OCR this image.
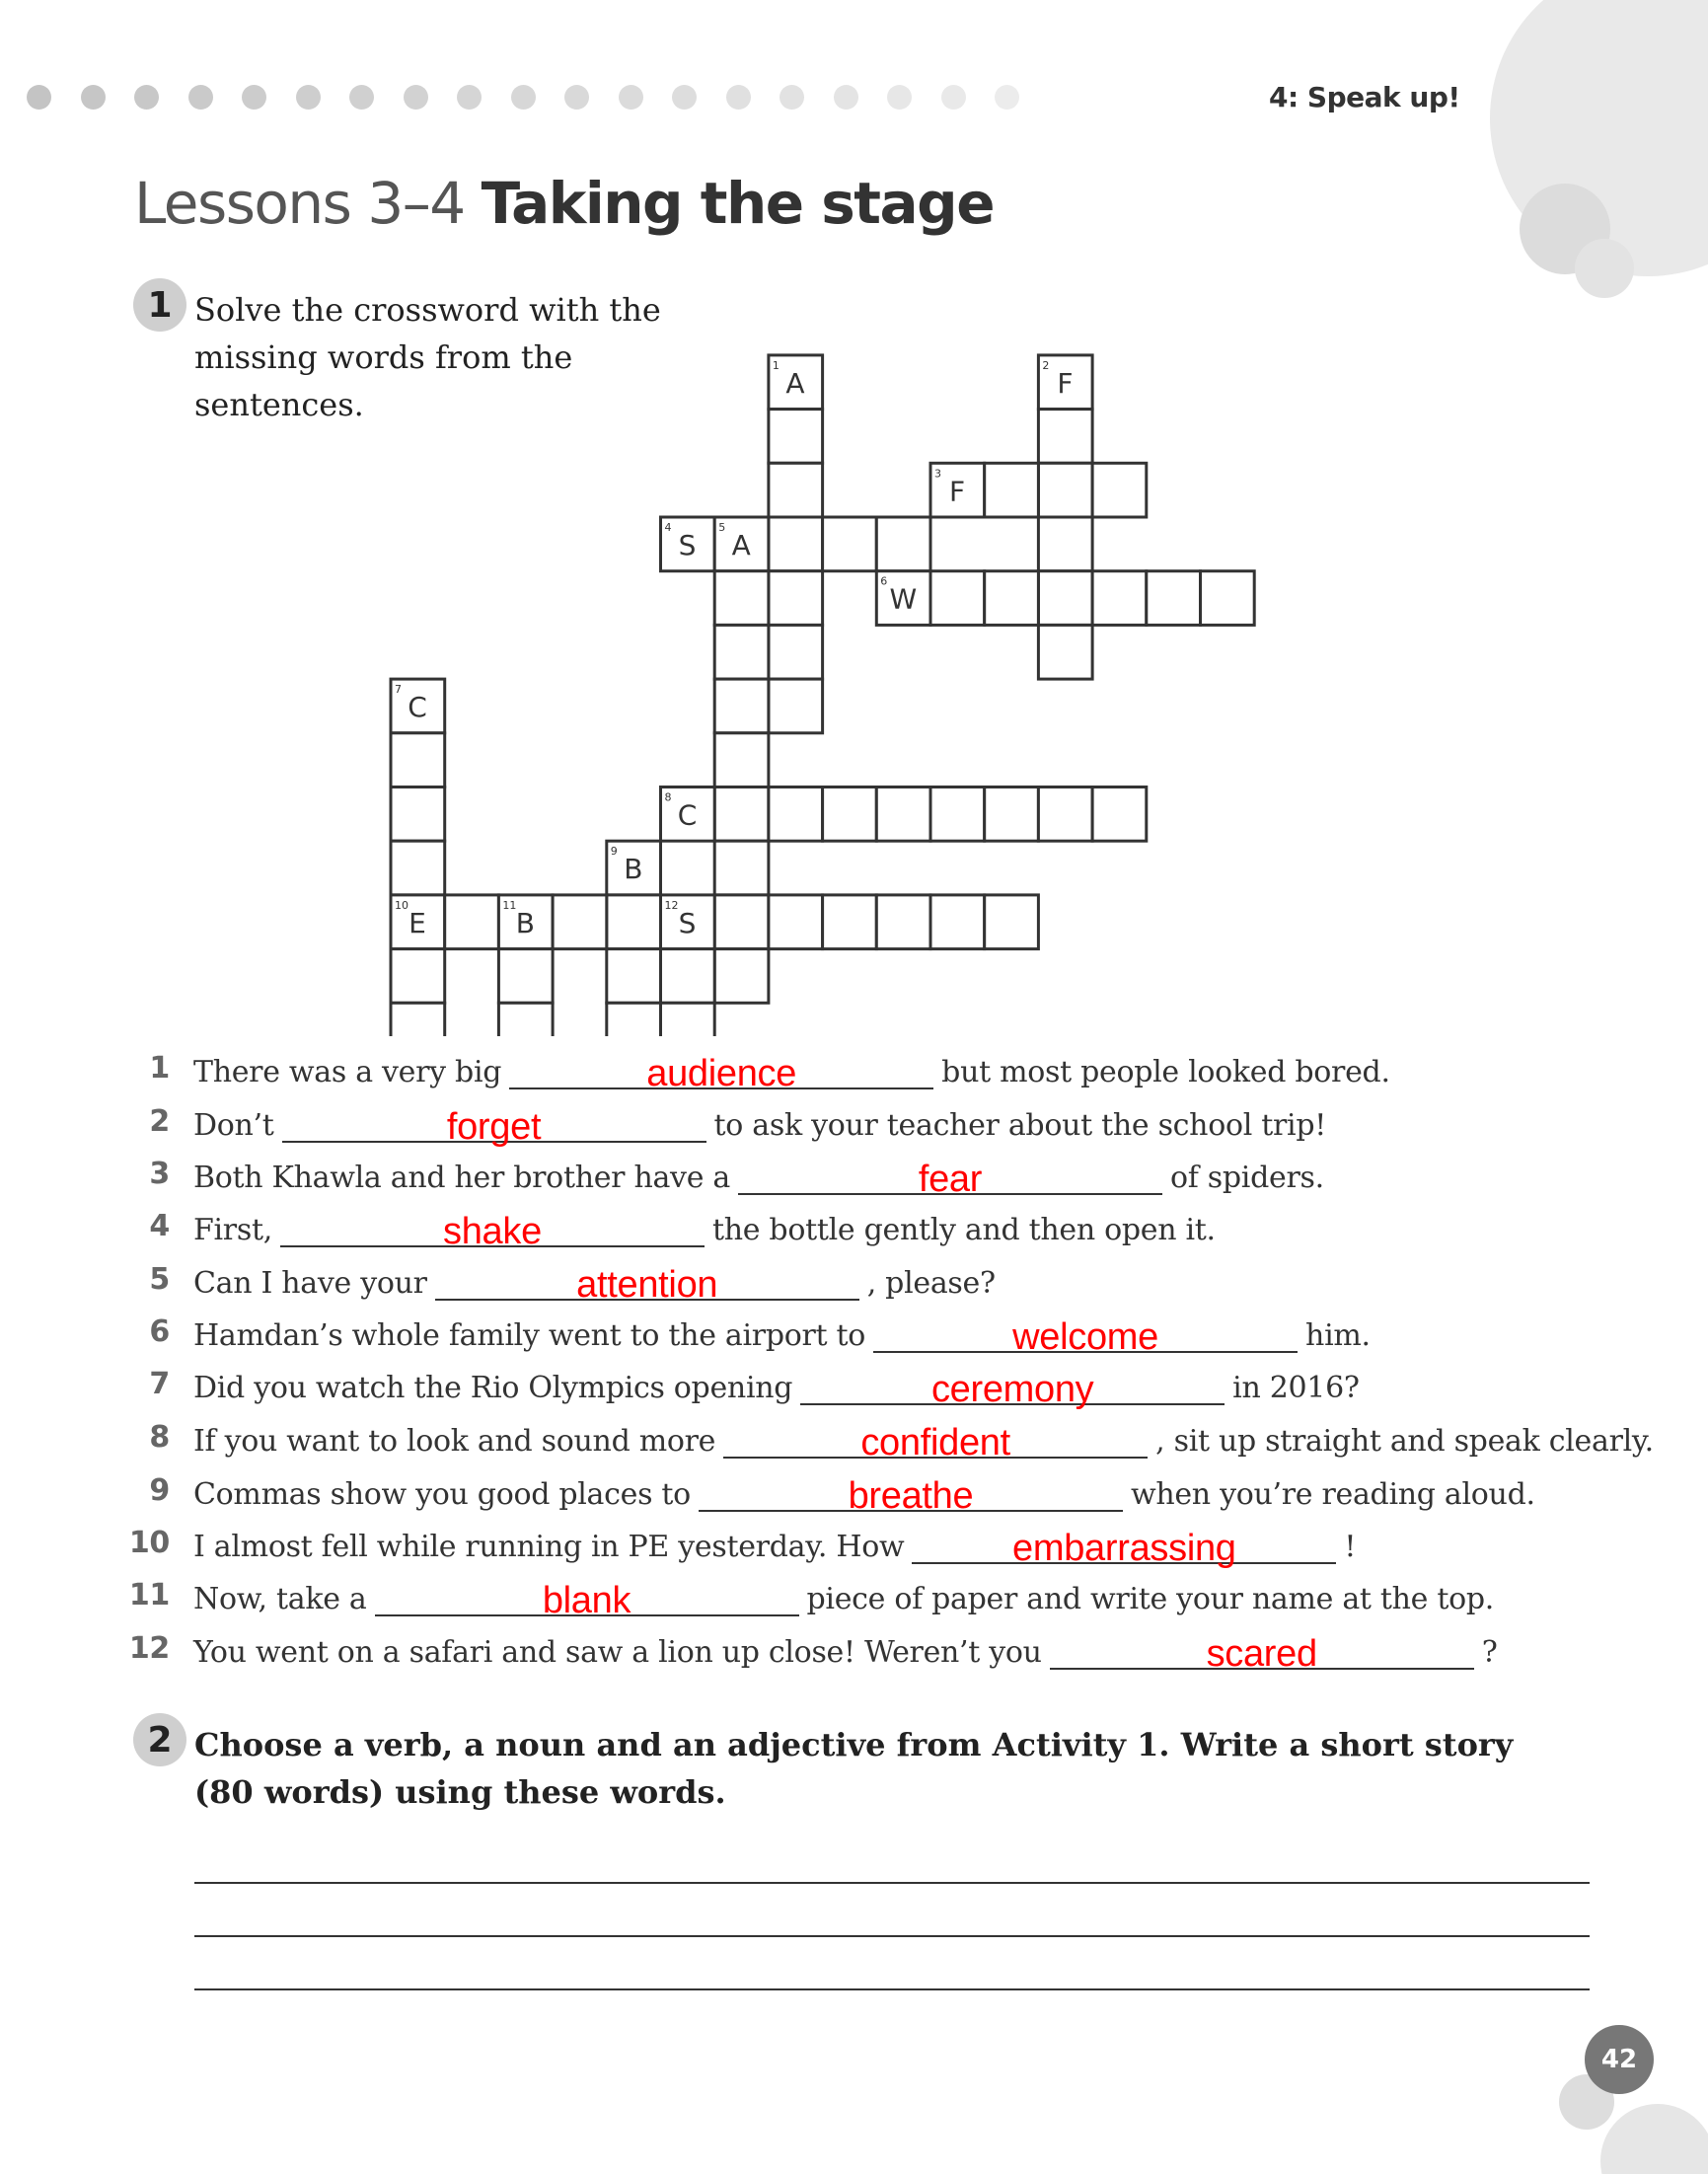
4: Speak up!
Lessons 3–4 Taking the stage
1 Solve the crossword with the missing words from the sentences.

1
A
2
F
3
F
4
S
5
A
6
W
7
C
10
E
8
C
9
B
11
B
12
S
1 There was a very big	audience	but most people looked bored.
2 Don’t	forget	to ask your teacher about the school trip!
3 Both Khawla and her brother have a	fear	of spiders.
4 First,	shake	the bottle gently and then open it.
5 Can I have your	attention	, please?
6 Hamdan’s whole family went to the airport to	welcome	him.
7 Did you watch the Rio Olympics opening	ceremony	in 2016?
8 If you want to look and sound more	confident	, sit up straight and speak clearly.
9 Commas show you good places to	breathe	when you’re reading aloud.
10 I almost fell while running in PE yesterday. How	embarrassing	!
11 Now, take a	blank	piece of paper and write your name at the top.
12 You went on a safari and saw a lion up close! Weren’t you	scared	?
2 Choose a verb, a noun and an adjective from Activity 1. Write a short story (80 words) using these words.

42
